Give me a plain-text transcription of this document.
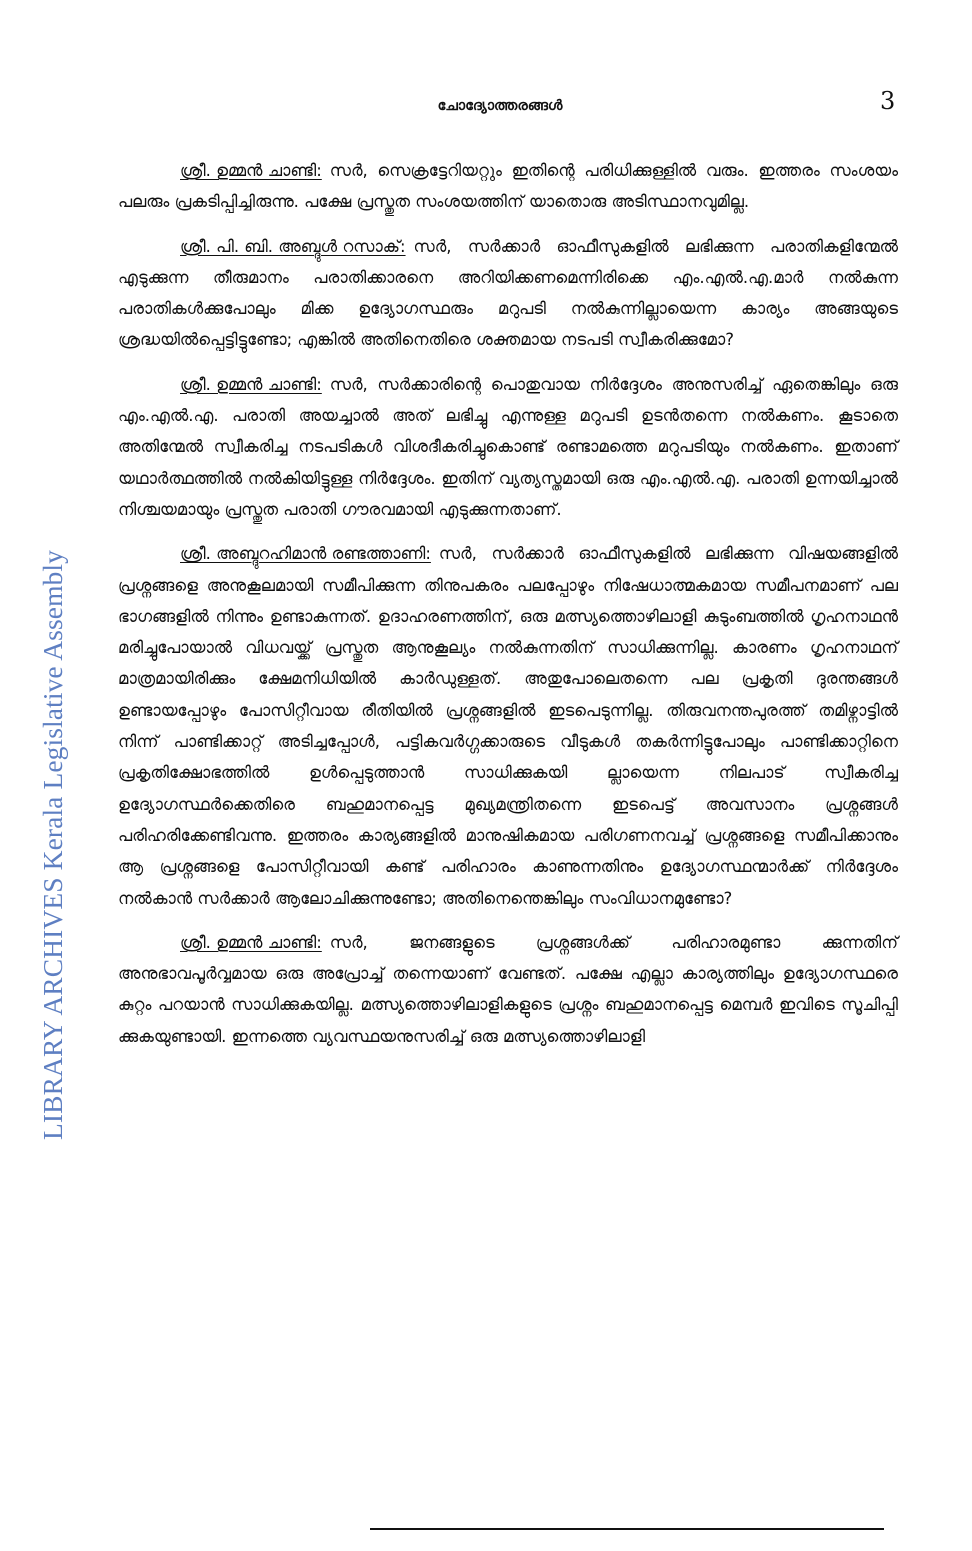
ചോദ്യോത്തരങ്ങൾ	3
LIBRARY ARCHIVES Kerala Legislative Assembly

ശ്രീ. ഉമ്മൻ ചാണ്ടി: സർ, സെക്രട്ടേറിയറ്റും ഇതിന്റെ പരിധിക്കുള്ളിൽ വരും. ഇത്തരം സംശയം പലരും പ്രകടിപ്പിച്ചിരുന്നു. പക്ഷേ പ്രസ്തുത സംശയത്തിന് യാതൊരു അടിസ്ഥാനവുമില്ല.

ശ്രീ. പി. ബി. അബ്ദുൾ റസാക്: സർ, സർക്കാർ ഓഫീസുകളിൽ ലഭിക്കുന്ന പരാതികളിന്മേൽ എടുക്കുന്ന തീരുമാനം പരാതിക്കാരനെ അറിയിക്കണമെന്നിരിക്കെ എം.എൽ.എ.മാർ നൽകുന്ന പരാതികൾക്കുപോലും മിക്ക ഉദ്യോഗസ്ഥരും മറുപടി നൽകുന്നില്ലായെന്ന കാര്യം അങ്ങയുടെ ശ്രദ്ധയിൽപ്പെട്ടിട്ടുണ്ടോ; എങ്കിൽ അതിനെതിരെ ശക്തമായ നടപടി സ്വീകരിക്കുമോ?

ശ്രീ. ഉമ്മൻ ചാണ്ടി: സർ, സർക്കാരിന്റെ പൊതുവായ നിർദ്ദേശം അനുസരിച്ച് ഏതെങ്കിലും ഒരു എം.എൽ.എ. പരാതി അയച്ചാൽ അത് ലഭിച്ചു എന്നുള്ള മറുപടി ഉടൻതന്നെ നൽകണം. കൂടാതെ അതിന്മേൽ സ്വീകരിച്ച നടപടികൾ വിശദീകരിച്ചുകൊണ്ട് രണ്ടാമത്തെ മറുപടിയും നൽകണം. ഇതാണ് യഥാർത്ഥത്തിൽ നൽകിയിട്ടുള്ള നിർദ്ദേശം. ഇതിന് വ്യത്യസ്തമായി ഒരു എം.എൽ.എ. പരാതി ഉന്നയിച്ചാൽ നിശ്ചയമായും പ്രസ്തുത പരാതി ഗൗരവമായി എടുക്കുന്നതാണ്.

ശ്രീ. അബ്ദുറഹിമാൻ രണ്ടത്താണി: സർ, സർക്കാർ ഓഫീസുകളിൽ ലഭിക്കുന്ന വിഷയങ്ങളിൽ പ്രശ്നങ്ങളെ അനുകൂലമായി സമീപിക്കുന്ന തിനുപകരം പലപ്പോഴും നിഷേധാത്മകമായ സമീപനമാണ് പല ഭാഗങ്ങളിൽ നിന്നും ഉണ്ടാകുന്നത്. ഉദാഹരണത്തിന്, ഒരു മത്സ്യത്തൊഴിലാളി കുടുംബത്തിൽ ഗൃഹനാഥൻ മരിച്ചുപോയാൽ വിധവയ്ക്ക് പ്രസ്തുത ആനുകൂല്യം നൽകുന്നതിന് സാധിക്കുന്നില്ല. കാരണം ഗൃഹനാഥന് മാത്രമായിരിക്കും ക്ഷേമനിധിയിൽ കാർഡുള്ളത്. അതുപോലെതന്നെ പല പ്രകൃതി ദുരന്തങ്ങൾ ഉണ്ടായപ്പോഴും പോസിറ്റീവായ രീതിയിൽ പ്രശ്നങ്ങളിൽ ഇടപെടുന്നില്ല. തിരുവനന്തപുരത്ത് തമിഴ്നാട്ടിൽ നിന്ന് പാണ്ടിക്കാറ്റ് അടിച്ചപ്പോൾ, പട്ടികവർഗ്ഗക്കാരുടെ വീടുകൾ തകർന്നിട്ടുപോലും പാണ്ടിക്കാറ്റിനെ പ്രകൃതിക്ഷോഭത്തിൽ ഉൾപ്പെടുത്താൻ സാധിക്കുകയി ല്ലായെന്ന നിലപാട് സ്വീകരിച്ച ഉദ്യോഗസ്ഥർക്കെതിരെ ബഹുമാനപ്പെട്ട മുഖ്യമന്ത്രിതന്നെ ഇടപെട്ട് അവസാനം പ്രശ്നങ്ങൾ പരിഹരിക്കേണ്ടിവന്നു. ഇത്തരം കാര്യങ്ങളിൽ മാനുഷികമായ പരിഗണനവച്ച് പ്രശ്നങ്ങളെ സമീപിക്കാനും ആ പ്രശ്നങ്ങളെ പോസിറ്റീവായി കണ്ട് പരിഹാരം കാണുന്നതിനും ഉദ്യോഗസ്ഥന്മാർക്ക് നിർദ്ദേശം നൽകാൻ സർക്കാർ ആലോചിക്കുന്നുണ്ടോ; അതിനെന്തെങ്കിലും സംവിധാനമുണ്ടോ?

ശ്രീ. ഉമ്മൻ ചാണ്ടി: സർ, ജനങ്ങളുടെ പ്രശ്നങ്ങൾക്ക് പരിഹാരമുണ്ടാ ക്കുന്നതിന് അനുഭാവപൂർവ്വമായ ഒരു അപ്രോച്ച് തന്നെയാണ് വേണ്ടത്. പക്ഷേ എല്ലാ കാര്യത്തിലും ഉദ്യോഗസ്ഥരെ കുറ്റം പറയാൻ സാധിക്കുകയില്ല. മത്സ്യത്തൊഴിലാളികളുടെ പ്രശ്നം ബഹുമാനപ്പെട്ട മെമ്പർ ഇവിടെ സൂചിപ്പി ക്കുകയുണ്ടായി. ഇന്നത്തെ വ്യവസ്ഥയനുസരിച്ച് ഒരു മത്സ്യത്തൊഴിലാളി
